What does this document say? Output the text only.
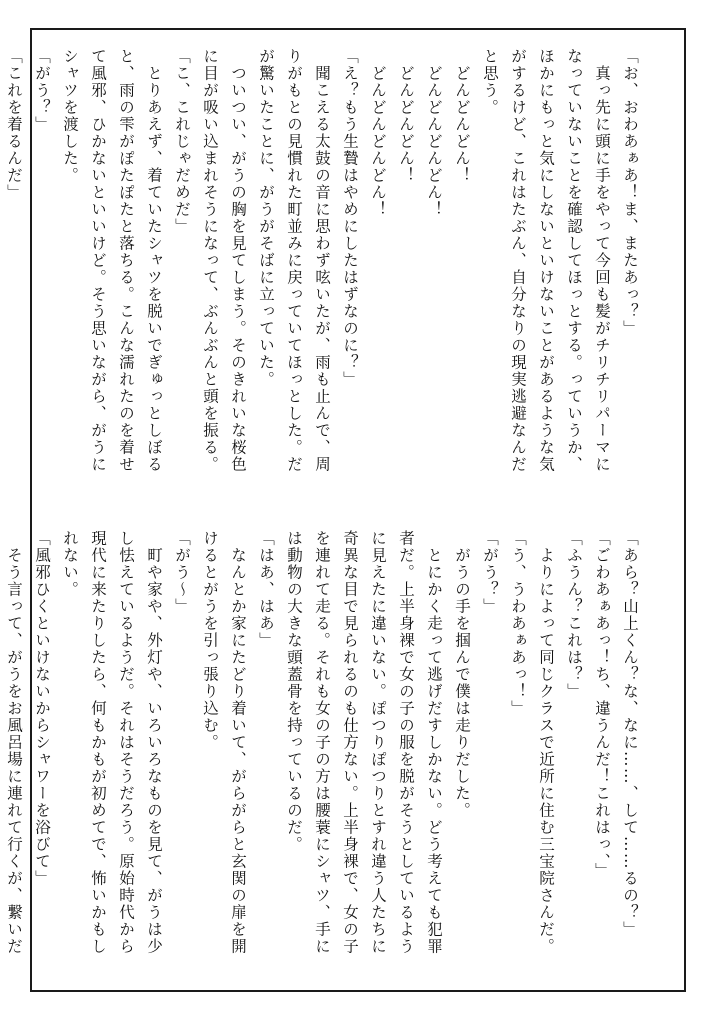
「お、おわあぁあ！ま、またあっ？」
　真っ先に頭に手をやって今回も髪がチリチリパーマに
なっていないことを確認してほっとする。っていうか、
ほかにもっと気にしないといけないことがあるような気
がするけど、これはたぶん、自分なりの現実逃避なんだ
と思う。
　どんどんどん！
　どんどんどんどん！
　どんどんどん！
　どんどんどんどん！
「え？もう生贄はやめにしたはずなのに？」
　聞こえる太鼓の音に思わず呟いたが、雨も止んで、周
りがもとの見慣れた町並みに戻っていてほっとした。だ
が驚いたことに、がうがそばに立っていた。
　ついつい、がうの胸を見てしまう。そのきれいな桜色
に目が吸い込まれそうになって、ぶんぶんと頭を振る。
「こ、これじゃだめだ」
　とりあえず、着ていたシャツを脱いでぎゅっとしぼる
と、雨の雫がぽたぽたと落ちる。こんな濡れたのを着せ
て風邪、ひかないといいけど。そう思いながら、がうに
シャツを渡した。
「がう？」
「これを着るんだ」
「あら？山上くん？な、なに……、して……るの？」
「ごわあぁあっ！ち、違うんだ！これはっ、」
「ふうん？これは？」
　よりによって同じクラスで近所に住む三宝院さんだ。
「う、うわあぁあっ！」
「がう？」
　がうの手を掴んで僕は走りだした。
　とにかく走って逃げだすしかない。どう考えても犯罪
者だ。上半身裸で女の子の服を脱がそうとしているよう
に見えたに違いない。ぽつりぽつりとすれ違う人たちに
奇異な目で見られるのも仕方ない。上半身裸で、女の子
を連れて走る。それも女の子の方は腰蓑にシャツ、手に
は動物の大きな頭蓋骨を持っているのだ。
「はあ、はあ」
　なんとか家にたどり着いて、がらがらと玄関の扉を開
けるとがうを引っ張り込む。
「がう～」
　町や家や、外灯や、いろいろなものを見て、がうは少
し怯えているようだ。それはそうだろう。原始時代から
現代に来たりしたら、何もかもが初めてで、怖いかもし
れない。
「風邪ひくといけないからシャワーを浴びて」
　そう言って、がうをお風呂場に連れて行くが、繋いだ
